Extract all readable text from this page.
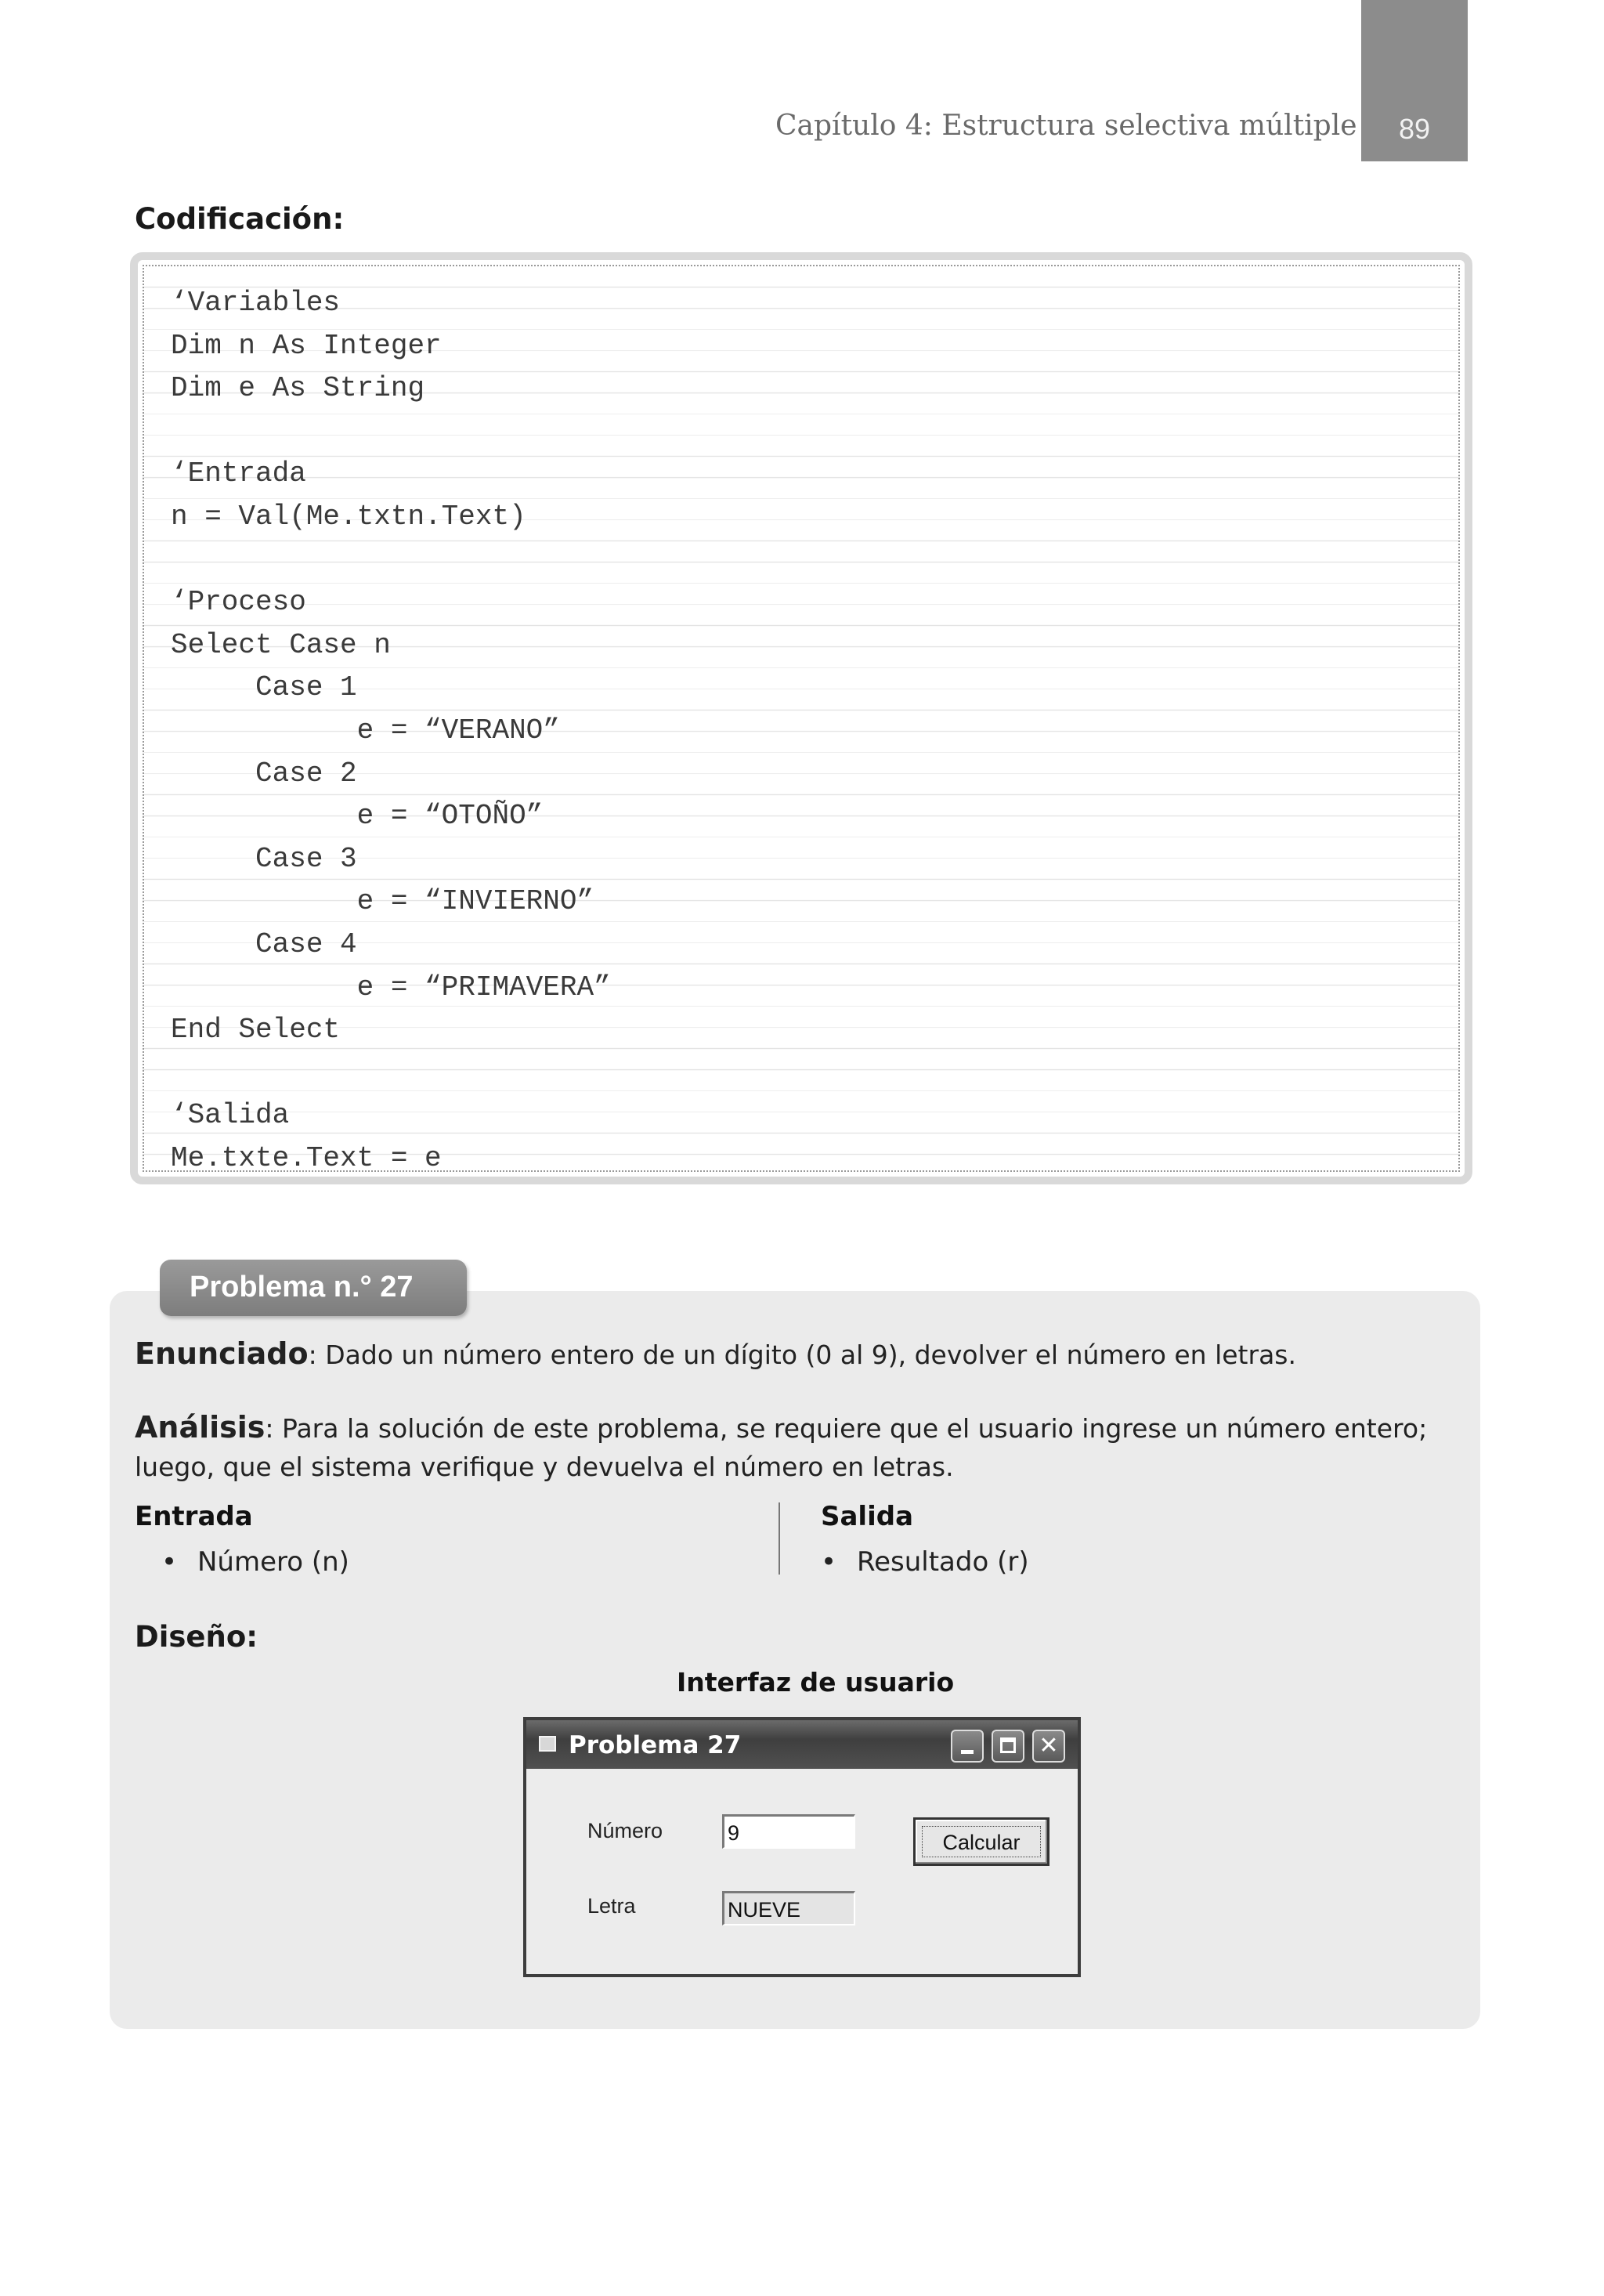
Capítulo 4: Estructura selectiva múltiple	89
Codificación:
‘Variables
Dim n As Integer
Dim e As String
‘Entrada
n = Val(Me.txtn.Text)
‘Proceso
Select Case n
Case 1
e = “VERANO”
Case 2
e = “OTOÑO”
Case 3
e = “INVIERNO”
Case 4
e = “PRIMAVERA”
End Select
‘Salida
Me.txte.Text = e
Problema n.° 27
Enunciado: Dado un número entero de un dígito (0 al 9), devolver el número en letras.
Análisis: Para la solución de este problema, se requiere que el usuario ingrese un número entero; luego, que el sistema verifique y devuelva el número en letras.
Entrada
• Número (n)
Salida
• Resultado (r)
Diseño:
Interfaz de usuario
Problema 27	✕
Número	9	Calcular
Letra	NUEVE
